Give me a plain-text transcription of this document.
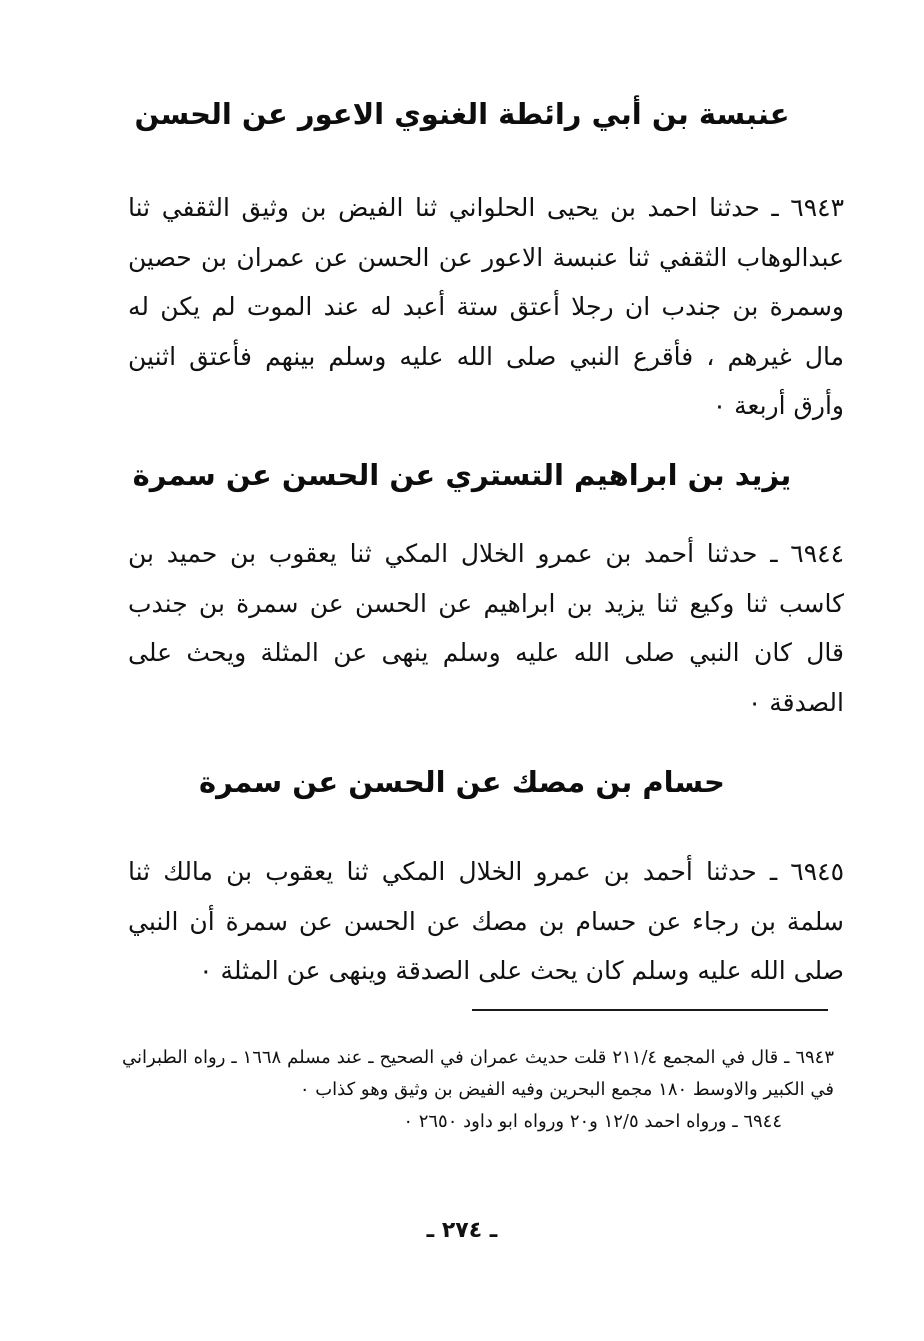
عنبسة بن أبي رائطة الغنوي الاعور عن الحسن

٦٩٤٣ ـ حدثنا احمد بن يحيى الحلواني ثنا الفيض بن وثيق الثقفي ثنا عبدالوهاب الثقفي ثنا عنبسة الاعور عن الحسن عن عمران بن حصين وسمرة بن جندب ان رجلا أعتق ستة أعبد له عند الموت لم يكن له مال غيرهم ، فأقرع النبي صلى الله عليه وسلم بينهم فأعتق اثنين وأرق أربعة ٠

يزيد بن ابراهيم التستري عن الحسن عن سمرة

٦٩٤٤ ـ حدثنا أحمد بن عمرو الخلال المكي ثنا يعقوب بن حميد بن كاسب ثنا وكيع ثنا يزيد بن ابراهيم عن الحسن عن سمرة بن جندب قال كان النبي صلى الله عليه وسلم ينهى عن المثلة ويحث على الصدقة ٠

حسام بن مصك عن الحسن عن سمرة

٦٩٤٥ ـ حدثنا أحمد بن عمرو الخلال المكي ثنا يعقوب بن مالك ثنا سلمة بن رجاء عن حسام بن مصك عن الحسن عن سمرة أن النبي صلى الله عليه وسلم كان يحث على الصدقة وينهى عن المثلة ٠

٦٩٤٣ ـ قال في المجمع ٢١١/٤ قلت حديث عمران في الصحيح ـ عند مسلم ١٦٦٨ ـ رواه الطبراني في الكبير والاوسط ١٨٠ مجمع البحرين وفيه الفيض بن وثيق وهو كذاب ٠

٦٩٤٤ ـ ورواه احمد ١٢/٥ و٢٠ ورواه ابو داود ٢٦٥٠ ٠

ـ ٢٧٤ ـ
